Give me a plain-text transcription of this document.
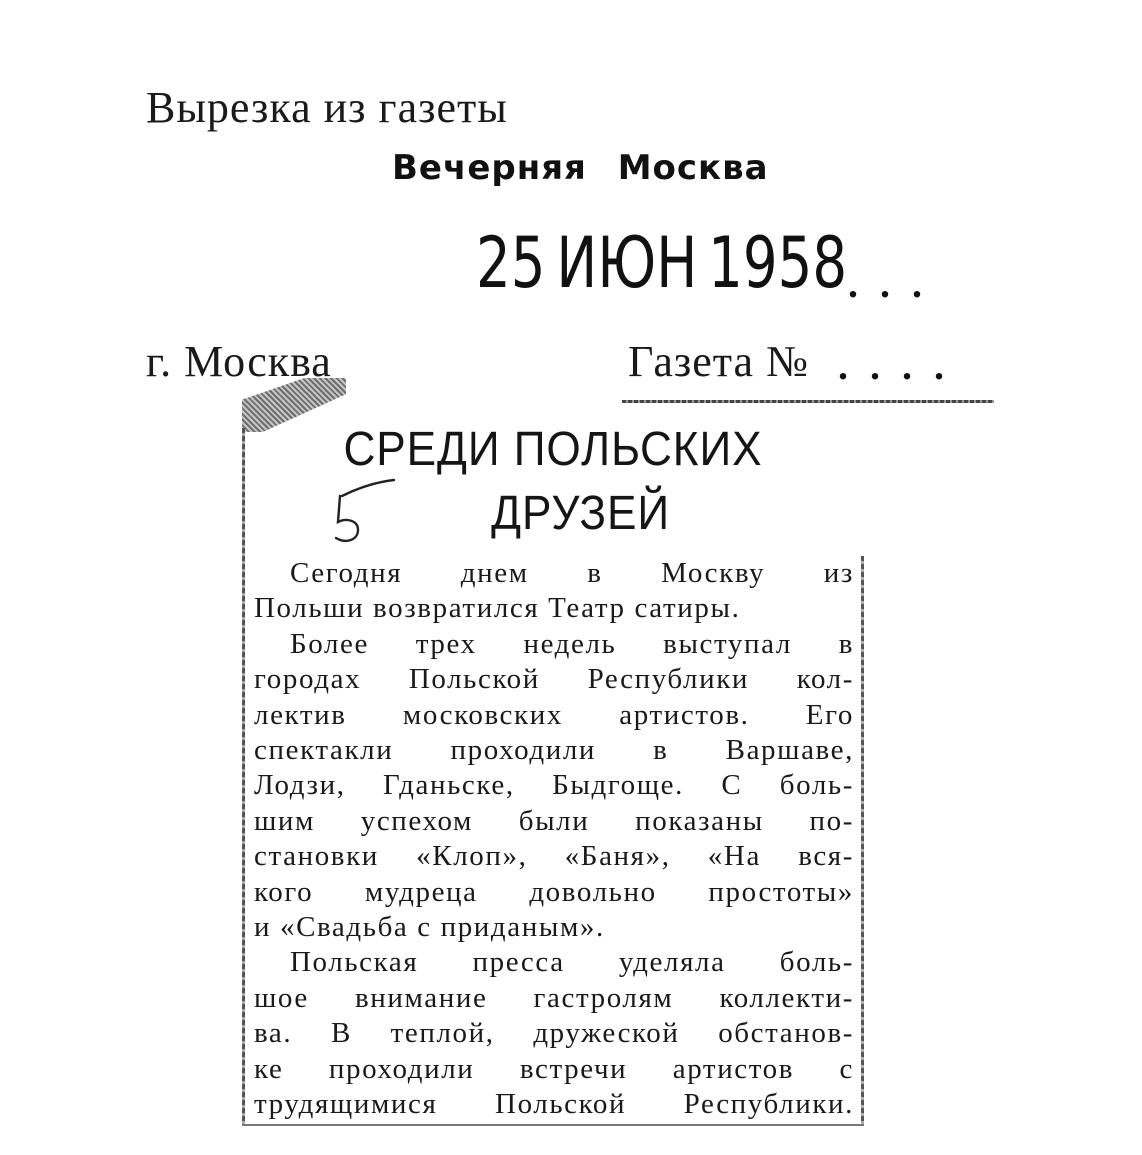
Вырезка из газеты
Вечерняя Москва
25 ИЮН 1958 ...
г. Москва	Газета № ....
СРЕДИ ПОЛЬСКИХ
ДРУЗЕЙ
Сегодня днем в Москву из
Польши возвратился Театр сатиры.
Более трех недель выступал в
городах Польской Республики кол-
лектив московских артистов. Его
спектакли проходили в Варшаве,
Лодзи, Гданьске, Быдгоще. С боль-
шим успехом были показаны по-
становки «Клоп», «Баня», «На вся-
кого мудреца довольно простоты»
и «Свадьба с приданым».
Польская пресса уделяла боль-
шое внимание гастролям коллекти-
ва. В теплой, дружеской обстанов-
ке проходили встречи артистов с
трудящимися Польской Республики.
